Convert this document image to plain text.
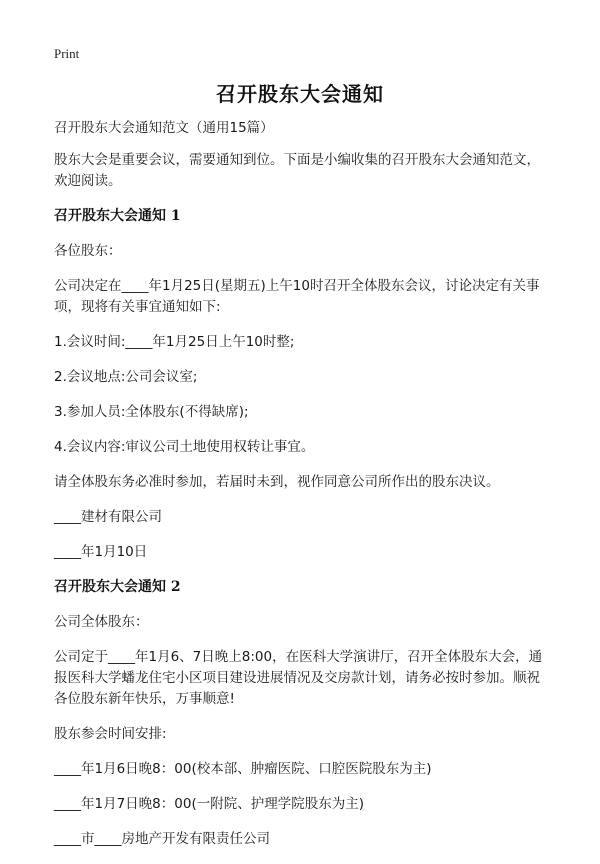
Print
召开股东大会通知

召开股东大会通知范文（通用15篇）

股东大会是重要会议，需要通知到位。下面是小编收集的召开股东大会通知范文，欢迎阅读。

召开股东大会通知 1

各位股东：

公司决定在____年1月25日(星期五)上午10时召开全体股东会议，讨论决定有关事项，现将有关事宜通知如下:

1.会议时间:____年1月25日上午10时整;

2.会议地点:公司会议室;

3.参加人员:全体股东(不得缺席);

4.会议内容:审议公司土地使用权转让事宜。

请全体股东务必准时参加，若届时未到，视作同意公司所作出的股东决议。

____建材有限公司

____年1月10日

召开股东大会通知 2

公司全体股东：

公司定于____年1月6、7日晚上8:00，在医科大学演讲厅，召开全体股东大会，通报医科大学蟠龙住宅小区项目建设进展情况及交房款计划，请务必按时参加。顺祝各位股东新年快乐，万事顺意!

股东参会时间安排:

____年1月6日晚8：00(校本部、肿瘤医院、口腔医院股东为主)

____年1月7日晚8：00(一附院、护理学院股东为主)

____市____房地产开发有限责任公司
